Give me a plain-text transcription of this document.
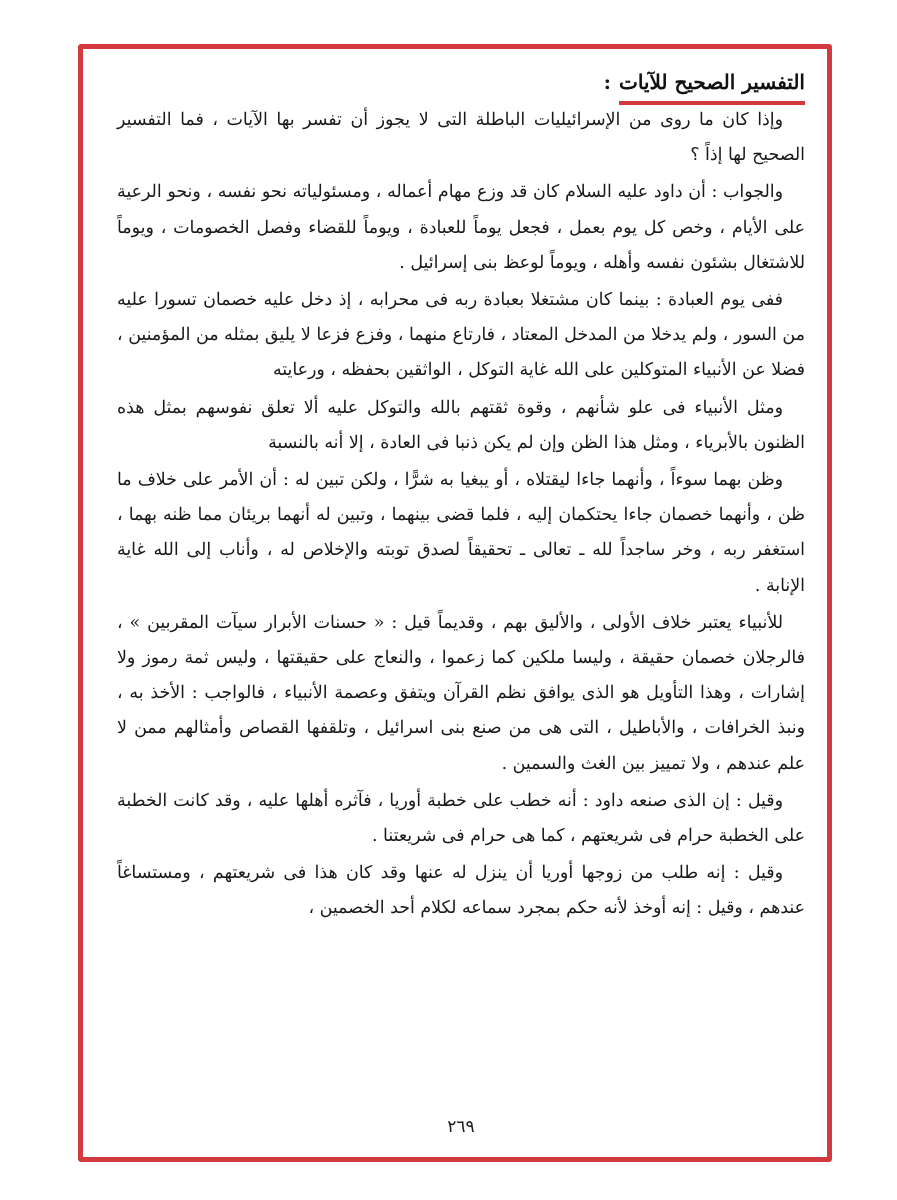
التفسير الصحيح للآيات
:

وإذا كان ما روى من الإسرائيليات الباطلة التى لا يجوز أن تفسر بها الآيات ، فما التفسير الصحيح لها إذاً ؟

والجواب : أن داود عليه السلام كان قد وزع مهام أعماله ، ومسئولياته نحو نفسه ، ونحو الرعية على الأيام ، وخص كل يوم بعمل ، فجعل يوماً للعبادة ، ويوماً للقضاء وفصل الخصومات ، ويوماً للاشتغال بشئون نفسه وأهله ، ويوماً لوعظ بنى إسرائيل .

ففى يوم العبادة : بينما كان مشتغلا بعبادة ربه فى محرابه ، إذ دخل عليه خصمان تسورا عليه من السور ، ولم يدخلا من المدخل المعتاد ، فارتاع منهما ، وفزع فزعا لا يليق بمثله من المؤمنين ، فضلا عن الأنبياء المتوكلين على الله غاية التوكل ، الواثقين بحفظه ، ورعايته

ومثل الأنبياء فى علو شأنهم ، وقوة ثقتهم بالله والتوكل عليه ألا تعلق نفوسهم بمثل هذه الظنون بالأبرياء ، ومثل هذا الظن وإن لم يكن ذنبا فى العادة ، إلا أنه بالنسبة

وظن بهما سوءاً ، وأنهما جاءا ليقتلاه ، أو يبغيا به شرًّا ، ولكن تبين له : أن الأمر على خلاف ما ظن ، وأنهما خصمان جاءا يحتكمان إليه ، فلما قضى بينهما ، وتبين له أنهما بريئان مما ظنه بهما ، استغفر ربه ، وخر ساجداً لله ـ تعالى ـ تحقيقاً لصدق توبته والإخلاص له ، وأناب إلى الله غاية الإنابة .

للأنبياء يعتبر خلاف الأولى ، والأليق بهم ، وقديماً قيل : « حسنات الأبرار سيآت المقربين » ، فالرجلان خصمان حقيقة ، وليسا ملكين كما زعموا ، والنعاج على حقيقتها ، وليس ثمة رموز ولا إشارات ، وهذا التأويل هو الذى يوافق نظم القرآن ويتفق وعصمة الأنبياء ، فالواجب : الأخذ به ، ونبذ الخرافات ، والأباطيل ، التى هى من صنع بنى اسرائيل ، وتلقفها القصاص وأمثالهم ممن لا علم عندهم ، ولا تمييز بين الغث والسمين .

وقيل : إن الذى صنعه داود : أنه خطب على خطبة أوريا ، فآثره أهلها عليه ، وقد كانت الخطبة على الخطبة حرام فى شريعتهم ، كما هى حرام فى شريعتنا .

وقيل : إنه طلب من زوجها أوريا أن ينزل له عنها وقد كان هذا فى شريعتهم ، ومستساغاً عندهم ، وقيل : إنه أوخذ لأنه حكم بمجرد سماعه لكلام أحد الخصمين ،

٢٦٩
